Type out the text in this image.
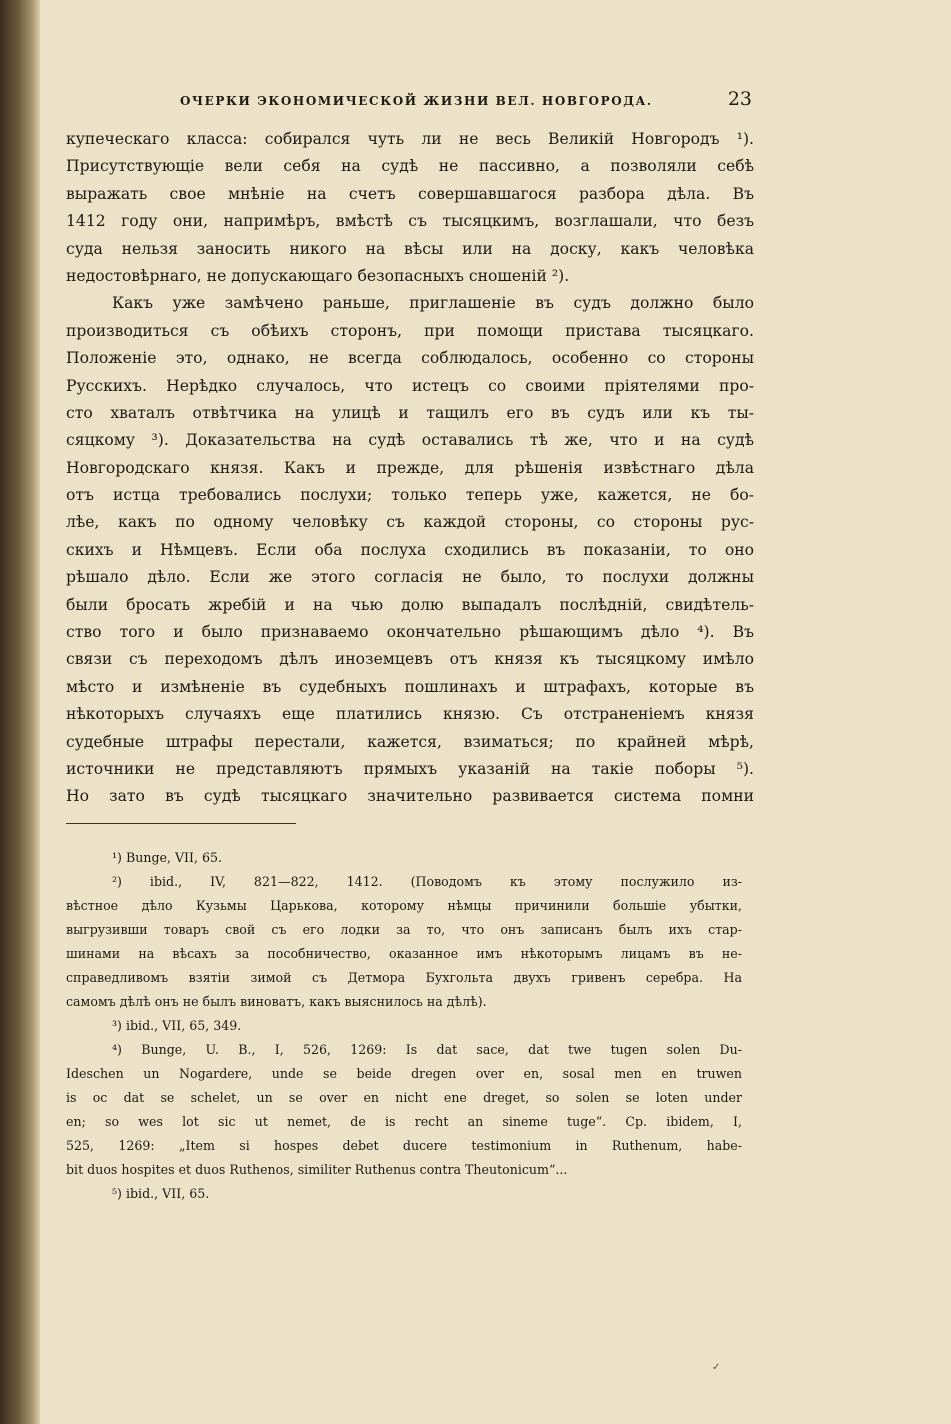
ОЧЕРКИ ЭКОНОМИЧЕСКОЙ ЖИЗНИ ВЕЛ. НОВГОРОДА.	23
купеческаго класса: собирался чуть ли не весь Великій Новгородъ ¹).
Присутствующіе вели себя на судѣ не пассивно, а позволяли себѣ
выражать свое мнѣніе на счетъ совершавшагося разбора дѣла. Въ
1412 году они, напримѣръ, вмѣстѣ съ тысяцкимъ, возглашали, что безъ
суда нельзя заносить никого на вѣсы или на доску, какъ человѣка
недостовѣрнаго, не допускающаго безопасныхъ сношеній ²).
Какъ уже замѣчено раньше, приглашеніе въ судъ должно было
производиться съ обѣихъ сторонъ, при помощи пристава тысяцкаго.
Положеніе это, однако, не всегда соблюдалось, особенно со стороны
Русскихъ. Нерѣдко случалось, что истецъ со своими пріятелями про-
сто хваталъ отвѣтчика на улицѣ и тащилъ его въ судъ или къ ты-
сяцкому ³). Доказательства на судѣ оставались тѣ же, что и на судѣ
Новгородскаго князя. Какъ и прежде, для рѣшенія извѣстнаго дѣла
отъ истца требовались послухи; только теперь уже, кажется, не бо-
лѣе, какъ по одному человѣку съ каждой стороны, со стороны рус-
скихъ и Нѣмцевъ. Если оба послуха сходились въ показаніи, то оно
рѣшало дѣло. Если же этого согласія не было, то послухи должны
были бросать жребій и на чью долю выпадалъ послѣдній, свидѣтель-
ство того и было признаваемо окончательно рѣшающимъ дѣло ⁴). Въ
связи съ переходомъ дѣлъ иноземцевъ отъ князя къ тысяцкому имѣло
мѣсто и измѣненіе въ судебныхъ пошлинахъ и штрафахъ, которые въ
нѣкоторыхъ случаяхъ еще платились князю. Съ отстраненіемъ князя
судебные штрафы перестали, кажется, взиматься; по крайней мѣрѣ,
источники не представляютъ прямыхъ указаній на такіе поборы ⁵).
Но зато въ судѣ тысяцкаго значительно развивается система помни
¹) Bunge, VII, 65.
²) ibid., IV, 821—822, 1412. (Поводомъ къ этому послужило из-
вѣстное дѣло Кузьмы Царькова, которому нѣмцы причинили большіе убытки,
выгрузивши товаръ свой съ его лодки за то, что онъ записанъ былъ ихъ стар-
шинами на вѣсахъ за пособничество, оказанное имъ нѣкоторымъ лицамъ въ не-
справедливомъ взятіи зимой съ Детмора Бухгольта двухъ гривенъ серебра. На
самомъ дѣлѣ онъ не былъ виноватъ, какъ выяснилось на дѣлѣ).
³) ibid., VII, 65, 349.
⁴) Bunge, U. B., I, 526, 1269: Is dat sace, dat twe tugen solen Du-
Ideschen un Nogardere, unde se beide dregen over en, sosal men en truwen
is oc dat se schelet, un se over en nicht ene dreget, so solen se loten under
en; so wes lot sic ut nemet, de is recht an sineme tuge“. Cp. ibidem, I,
525, 1269: „Item si hospes debet ducere testimonium in Ruthenum, habe-
bit duos hospites et duos Ruthenos, similiter Ruthenus contra Theutonicum“...
⁵) ibid., VII, 65.
✓
